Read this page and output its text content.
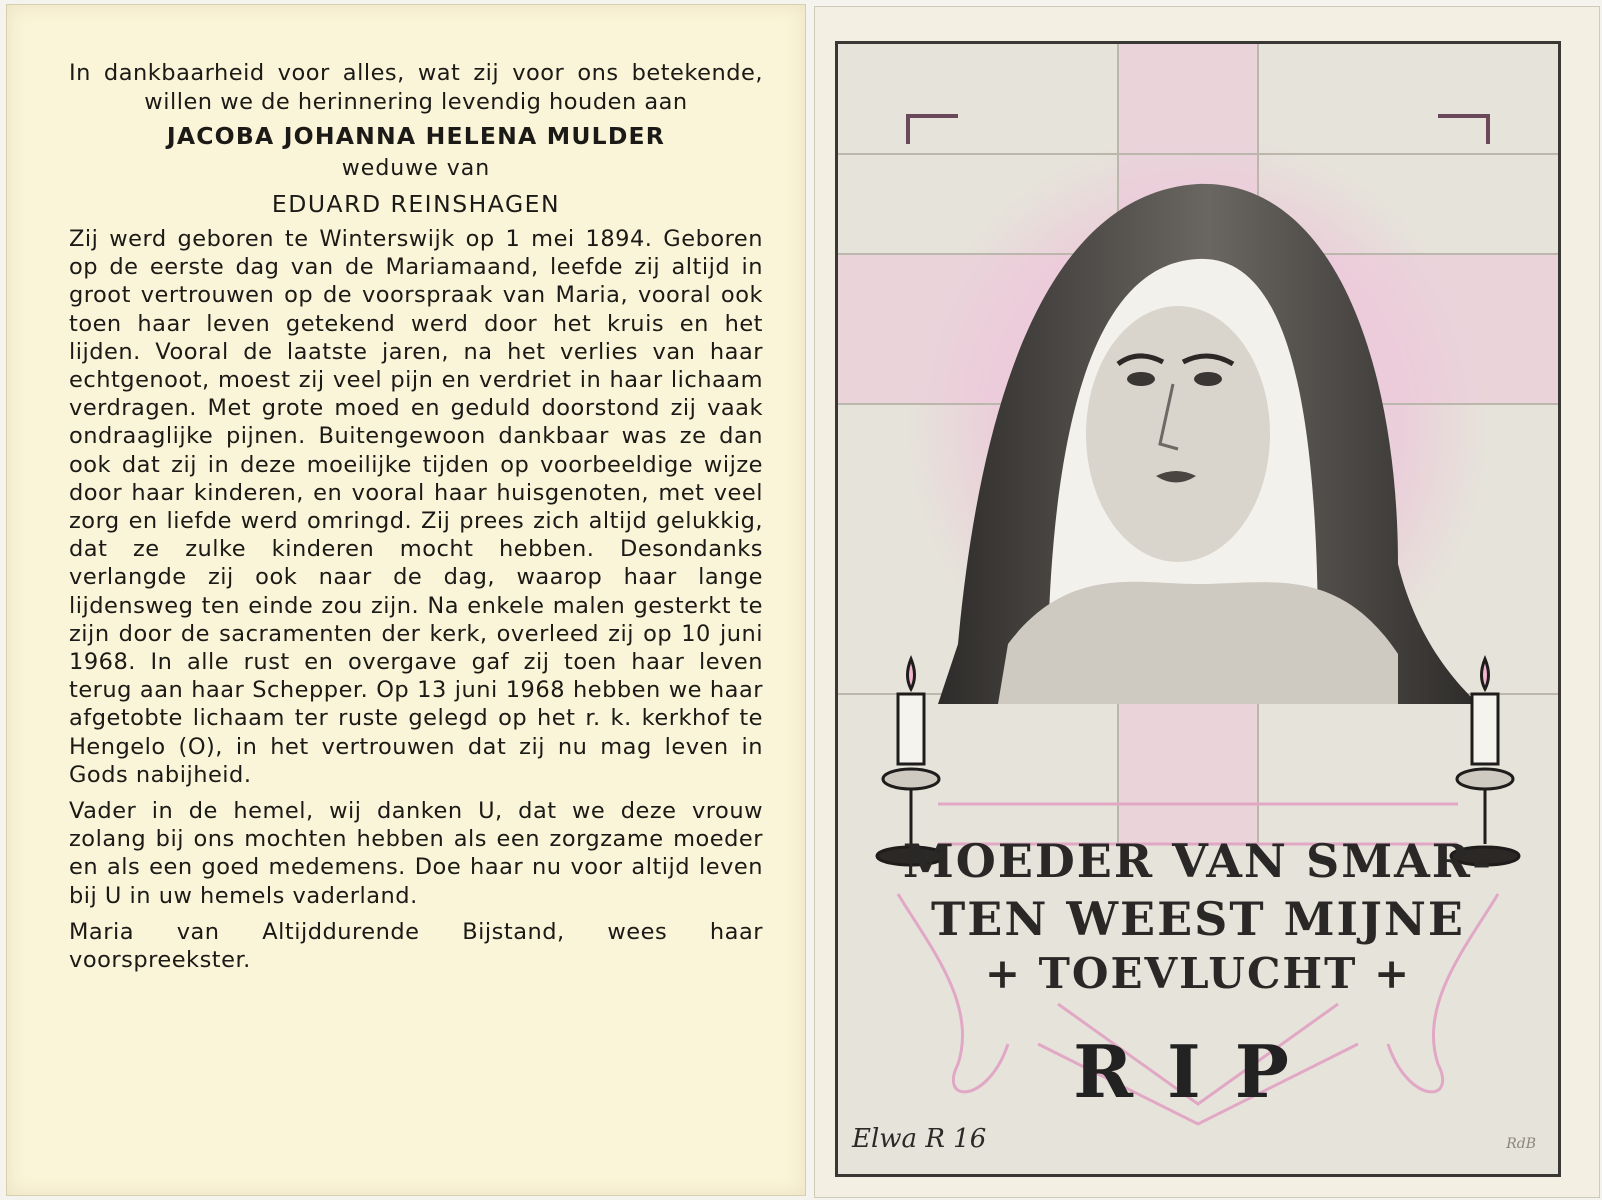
In dankbaarheid voor alles, wat zij voor ons betekende, willen we de herinnering levendig houden aan

JACOBA JOHANNA HELENA MULDER

weduwe van

EDUARD REINSHAGEN

Zij werd geboren te Winterswijk op 1 mei 1894. Geboren op de eerste dag van de Mariamaand, leefde zij altijd in groot vertrouwen op de voorspraak van Maria, vooral ook toen haar leven getekend werd door het kruis en het lijden. Vooral de laatste jaren, na het verlies van haar echtgenoot, moest zij veel pijn en verdriet in haar lichaam verdragen. Met grote moed en geduld doorstond zij vaak ondraaglijke pijnen. Buitengewoon dankbaar was ze dan ook dat zij in deze moeilijke tijden op voorbeeldige wijze door haar kinderen, en vooral haar huisgenoten, met veel zorg en liefde werd omringd. Zij prees zich altijd gelukkig, dat ze zulke kinderen mocht hebben. Desondanks verlangde zij ook naar de dag, waarop haar lange lijdensweg ten einde zou zijn. Na enkele malen gesterkt te zijn door de sacramenten der kerk, overleed zij op 10 juni 1968. In alle rust en overgave gaf zij toen haar leven terug aan haar Schepper. Op 13 juni 1968 hebben we haar afgetobte lichaam ter ruste gelegd op het r. k. kerkhof te Hengelo (O), in het vertrouwen dat zij nu mag leven in Gods nabijheid.

Vader in de hemel, wij danken U, dat we deze vrouw zolang bij ons mochten hebben als een zorgzame moeder en als een goed medemens. Doe haar nu voor altijd leven bij U in uw hemels vaderland.

Maria van Altijddurende Bijstand, wees haar voorspreekster.

MOEDER VAN SMAR-
TEN WEEST MIJNE
+ TOEVLUCHT +
RIP
Elwa R 16	RdB
